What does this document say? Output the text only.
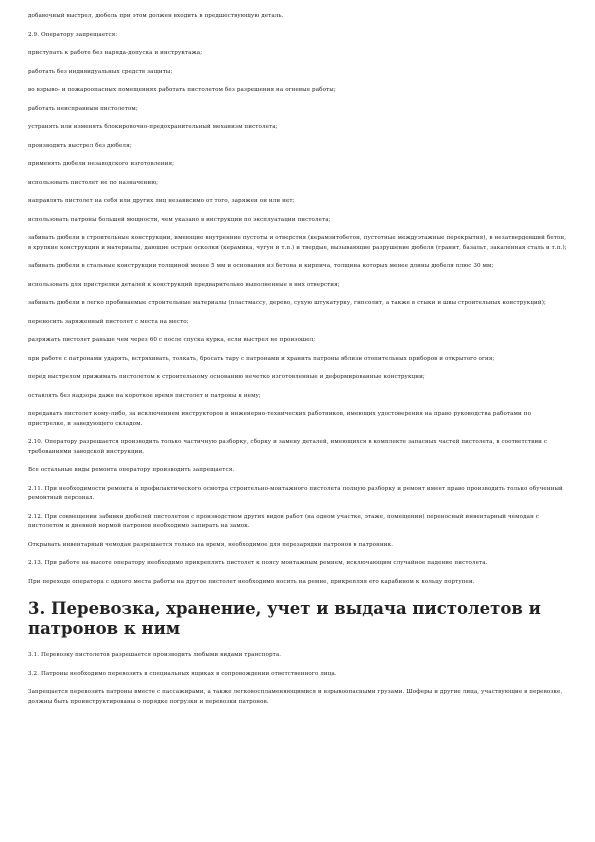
добавочный выстрел, дюбель при этом должен входить в предшествующую деталь.

2.9. Оператору запрещается:

приступать к работе без наряда-допуска и инструктажа;

работать без индивидуальных средств защиты;

во взрыво- и пожароопасных помещениях работать пистолетом без разрешения на огневые работы;

работать неисправным пистолетом;

устранять или изменять блокировочно-предохранительный механизм пистолета;

производить выстрел без дюбеля;

применять дюбели незаводского изготовления;

использовать пистолет не по назначению;

направлять пистолет на себя или других лиц независимо от того, заряжен он или нет;

использовать патроны большей мощности, чем указано в инструкции по эксплуатации пистолета;

забивать дюбели в строительные конструкции, имеющие внутренние пустоты и отверстия (керамзитобетон, пустотные междуэтажные перекрытия), в незатвердевший бетон, в хрупкие конструкции и материалы, дающие острые осколки (керамика, чугун и т.п.) и твердые, вызывающие разрушение дюбеля (гранит, базальт, закаленная сталь и т.п.);

забивать дюбели в стальные конструкции толщиной менее 5 мм и основания из бетона и кирпича, толщина которых менее длины дюбеля плюс 30 мм;

использовать для пристрелки деталей к конструкций предварительно выполненные в них отверстия;

забивать дюбели в легко пробиваемые строительные материалы (пластмассу, дерево, сухую штукатурку, гипсолит, а также в стыки и швы строительных конструкций);

переносить заряженный пистолет с места на место;

разряжать пистолет раньше чем через 60 с после спуска курка, если выстрел не произошел;

при работе с патронами ударять, встряхивать, толкать, бросать тару с патронами и хранить патроны вблизи отопительных приборов и открытого огня;

перед выстрелом прижимать пистолетом к строительному основанию нечетко изготовленные и деформированные конструкции;

оставлять без надзора даже на короткое время пистолет и патроны к нему;

передавать пистолет кому-либо, за исключением инструкторов и инженерно-технических работников, имеющих удостоверения на право руководства работами по пристрелке, и заведующего складом.

2.10. Оператору разрешается производить только частичную разборку, сборку и замену деталей, имеющихся в комплекте запасных частей пистолета, в соответствии с требованиями заводской инструкции.

Все остальные виды ремонта оператору производить запрещается.

2.11. При необходимости ремонта и профилактического осмотра строительно-монтажного пистолета полную разборку и ремонт имеет право производить только обученный ремонтный персонал.

2.12. При совмещении забивки дюбелей пистолетом с производством других видов работ (на одном участке, этаже, помещении) переносный инвентарный чемодан с пистолетом и дневной нормой патронов необходимо запирать на замок.

Открывать инвентарный чемодан разрешается только на время, необходимое для перезарядки патронов в патронник.

2.13. При работе на высоте оператору необходимо прикреплять пистолет к поясу монтажным ремнем, исключающим случайное падение пистолета.

При переходе оператора с одного места работы на другое пистолет необходимо носить на ремне, прикрепляя его карабином к кольцу портупеи.

3. Перевозка, хранение, учет и выдача пистолетов и патронов к ним

3.1. Перевозку пистолетов разрешается производить любыми видами транспорта.

3.2. Патроны необходимо перевозить в специальных ящиках в сопровождении ответственного лица.

Запрещается перевозить патроны вместе с пассажирами, а также легковоспламеняющимися и взрывоопасными грузами. Шоферы и другие лица, участвующие в перевозке, должны быть проинструктированы о порядке погрузки и перевозки патронов.
